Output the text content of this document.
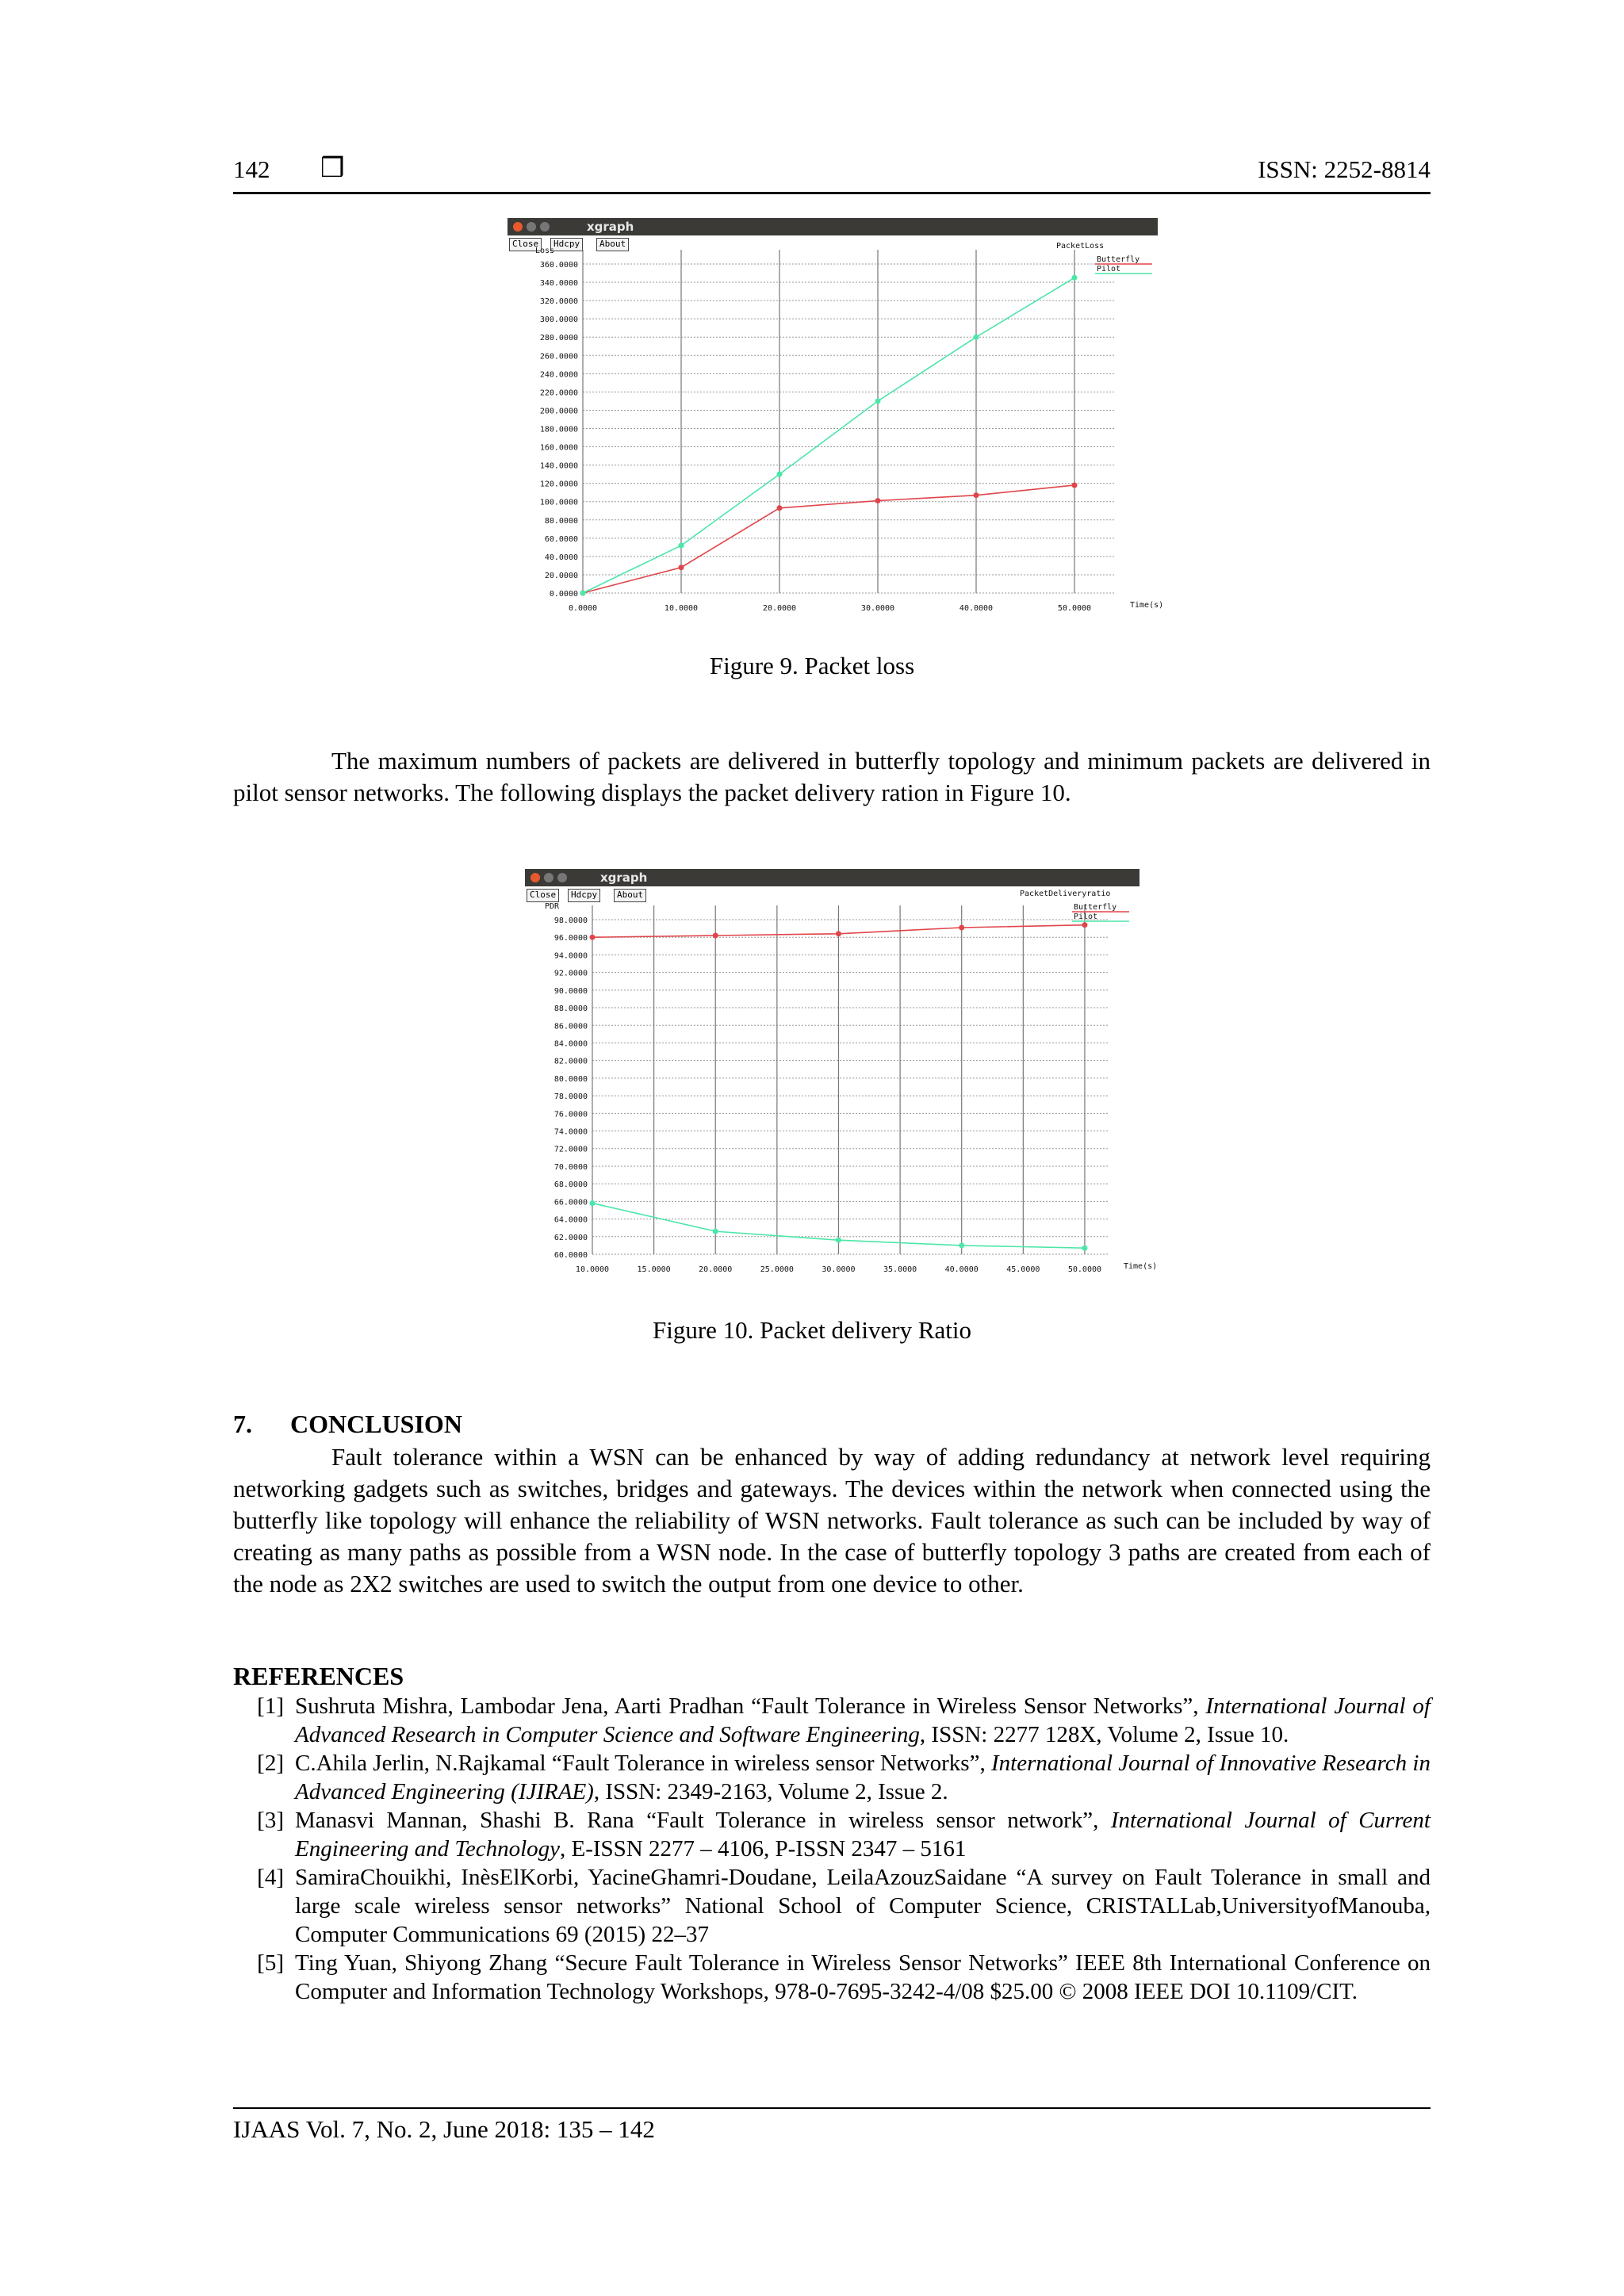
142 ❒	ISSN: 2252-8814
xgraph
Close	Hdcpy	About
0.0000
20.0000
40.0000
60.0000
80.0000
100.0000
120.0000
140.0000
160.0000
180.0000
200.0000
220.0000
240.0000
260.0000
280.0000
300.0000
320.0000
340.0000
360.0000
0.0000	10.0000	20.0000	30.0000	40.0000	50.0000
Loss
Time(s)
PacketLoss
Butterfly
Pilot
Figure 9. Packet loss

The maximum numbers of packets are delivered in butterfly topology and minimum packets are delivered in pilot sensor networks. The following displays the packet delivery ration in Figure 10.

xgraph
Close	Hdcpy	About
60.0000
62.0000
64.0000
66.0000
68.0000
70.0000
72.0000
74.0000
76.0000
78.0000
80.0000
82.0000
84.0000
86.0000
88.0000
90.0000
92.0000
94.0000
96.0000
98.0000
10.0000	15.0000	20.0000	25.0000	30.0000	35.0000	40.0000	45.0000	50.0000
PDR
Time(s)
PacketDeliveryratio
Butterfly
Pilot
Figure 10. Packet delivery Ratio
7. CONCLUSION

Fault tolerance within a WSN can be enhanced by way of adding redundancy at network level requiring networking gadgets such as switches, bridges and gateways. The devices within the network when connected using the butterfly like topology will enhance the reliability of WSN networks. Fault tolerance as such can be included by way of creating as many paths as possible from a WSN node. In the case of butterfly topology 3 paths are created from each of the node as 2X2 switches are used to switch the output from one device to other.

REFERENCES
[1] Sushruta Mishra, Lambodar Jena, Aarti Pradhan “Fault Tolerance in Wireless Sensor Networks”, International Journal of Advanced Research in Computer Science and Software Engineering, ISSN: 2277 128X, Volume 2, Issue 10.
[2] C.Ahila Jerlin, N.Rajkamal “Fault Tolerance in wireless sensor Networks”, International Journal of Innovative Research in Advanced Engineering (IJIRAE), ISSN: 2349-2163, Volume 2, Issue 2.
[3] Manasvi Mannan, Shashi B. Rana “Fault Tolerance in wireless sensor network”, International Journal of Current Engineering and Technology, E-ISSN 2277 – 4106, P-ISSN 2347 – 5161
[4] SamiraChouikhi, InèsElKorbi, YacineGhamri-Doudane, LeilaAzouzSaidane “A survey on Fault Tolerance in small and large scale wireless sensor networks” National School of Computer Science, CRISTALLab,UniversityofManouba, Computer Communications 69 (2015) 22–37
[5] Ting Yuan, Shiyong Zhang “Secure Fault Tolerance in Wireless Sensor Networks” IEEE 8th International Conference on Computer and Information Technology Workshops, 978-0-7695-3242-4/08 $25.00 © 2008 IEEE DOI 10.1109/CIT.
IJAAS Vol. 7, No. 2, June 2018: 135 – 142
